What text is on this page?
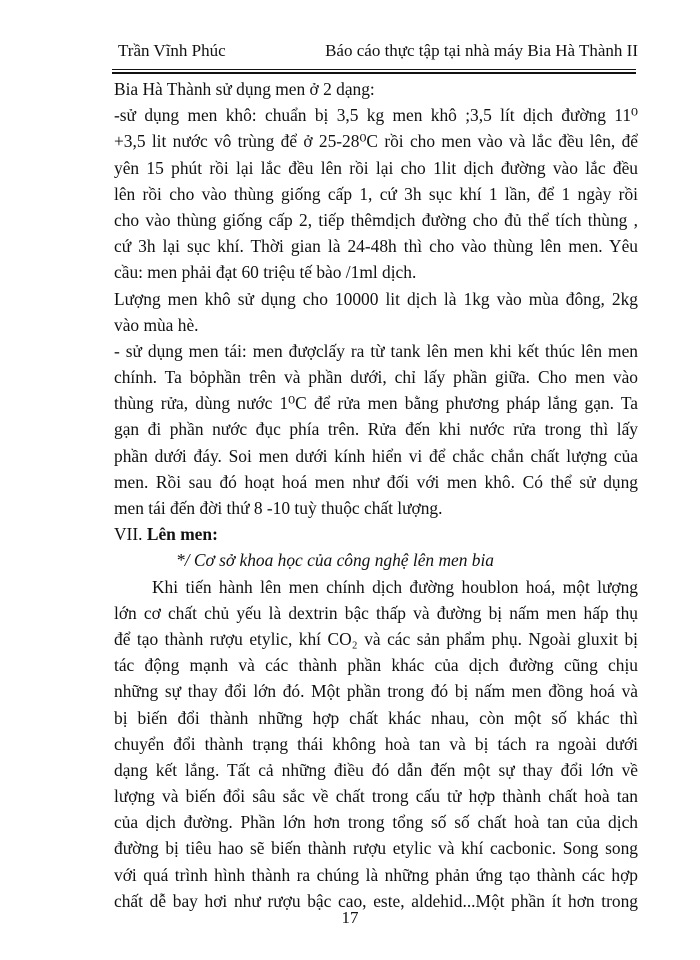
Trần Vĩnh Phúc	Báo cáo thực tập tại nhà máy Bia Hà Thành II
Bia Hà Thành sử dụng men ở 2 dạng:
-sử dụng men khô: chuẩn bị 3,5 kg men khô ;3,5 lít dịch đường 11⁰
+3,5 lit nước vô trùng để ở 25-28⁰C rồi cho men vào và lắc đều lên, để
yên 15 phút rồi lại lắc đều lên rồi lại cho 1lit dịch đường vào lắc đều
lên rồi cho vào thùng giống cấp 1, cứ 3h sục khí 1 lần, để 1 ngày rồi
cho vào thùng giống cấp 2, tiếp thêmdịch đường cho đủ thể tích thùng ,
cứ 3h lại sục khí. Thời gian là 24-48h thì cho vào thùng lên men. Yêu
cầu: men phải đạt 60 triệu tế bào /1ml dịch.
Lượng men khô sử dụng cho 10000 lit dịch là 1kg vào mùa đông, 2kg
vào mùa hè.
- sử dụng men tái: men đượclấy ra từ tank lên men khi kết thúc lên men
chính. Ta bỏphần trên và phần dưới, chỉ lấy phần giữa. Cho men vào
thùng rửa, dùng nước 1⁰C để rửa men bằng phương pháp lắng gạn. Ta
gạn đi phần nước đục phía trên. Rửa đến khi nước rửa trong thì lấy
phần dưới đáy. Soi men dưới kính hiển vi để chắc chắn chất lượng của
men. Rồi sau đó hoạt hoá men như đối với men khô. Có thể sử dụng
men tái đến đời thứ 8 -10 tuỳ thuộc chất lượng.
VII. Lên men:
*/ Cơ sở khoa học của công nghệ lên men bia
Khi tiến hành lên men chính dịch đường houblon hoá, một lượng
lớn cơ chất chủ yếu là dextrin bậc thấp và đường bị nấm men hấp thụ
để tạo thành rượu etylic, khí CO₂ và các sản phẩm phụ. Ngoài gluxit bị
tác động mạnh và các thành phần khác của dịch đường cũng chịu
những sự thay đổi lớn đó. Một phần trong đó bị nấm men đồng hoá và
bị biến đổi thành những hợp chất khác nhau, còn một số khác thì
chuyển đổi thành trạng thái không hoà tan và bị tách ra ngoài dưới
dạng kết lắng. Tất cả những điều đó dẫn đến một sự thay đổi lớn về
lượng và biến đổi sâu sắc về chất trong cấu tử hợp thành chất hoà tan
của dịch đường. Phần lớn hơn trong tổng số số chất hoà tan của dịch
đường bị tiêu hao sẽ biến thành rượu etylic và khí cacbonic. Song song
với quá trình hình thành ra chúng là những phản ứng tạo thành các hợp
chất dễ bay hơi như rượu bậc cao, este, aldehid...Một phần ít hơn trong
17
